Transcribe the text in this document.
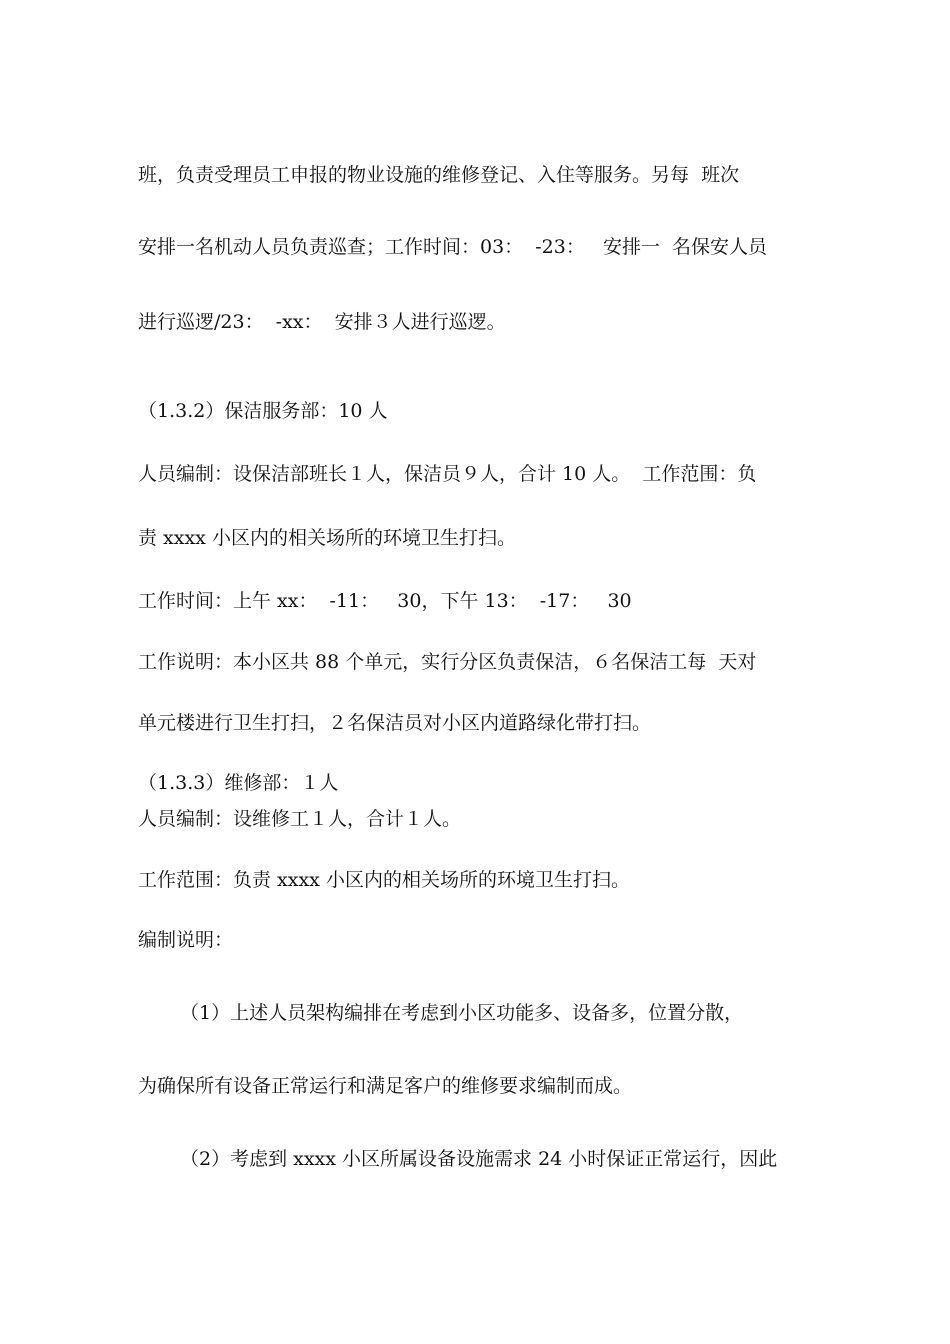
班，负责受理员工申报的物业设施的维修登记、入住等服务。另每  班次

安排一名机动人员负责巡查；工作时间：03：  -23：   安排一  名保安人员

进行巡逻/23：  -xx：  安排３人进行巡逻。

（1.3.2）保洁服务部：10 人

人员编制：设保洁部班长１人，保洁员９人，合计 10 人。  工作范围：负

责 xxxx 小区内的相关场所的环境卫生打扫。

工作时间：上午 xx：  -11：   30，下午 13：  -17：   30

工作说明：本小区共 88 个单元，实行分区负责保洁，６名保洁工每  天对

单元楼进行卫生打扫，２名保洁员对小区内道路绿化带打扫。

（1.3.3）维修部：１人

人员编制：设维修工１人，合计１人。

工作范围：负责 xxxx 小区内的相关场所的环境卫生打扫。

编制说明：

（1）上述人员架构编排在考虑到小区功能多、设备多，位置分散，

为确保所有设备正常运行和满足客户的维修要求编制而成。

（2）考虑到 xxxx 小区所属设备设施需求 24 小时保证正常运行，因此
